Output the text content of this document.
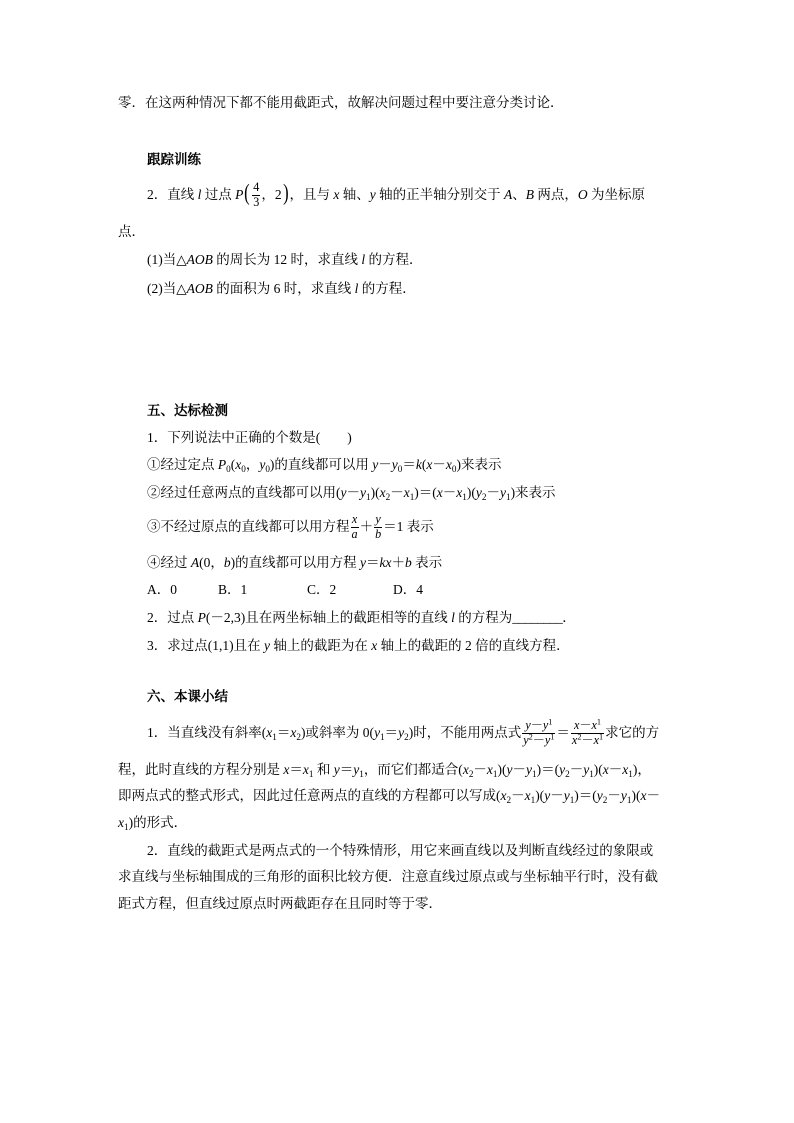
零．在这两种情况下都不能用截距式，故解决问题过程中要注意分类讨论．
跟踪训练
2．直线 l 过点 $P( \frac{4}{3}$ ，2)，且与 x 轴、y 轴的正半轴分别交于 A、B 两点，O 为坐标原
点．
(1)当△AOB 的周长为 12 时，求直线 l 的方程．
(2)当△AOB 的面积为 6 时，求直线 l 的方程．
五、达标检测
1．下列说法中正确的个数是(　　)
①经过定点 $P_0(x_0$，$y_0$)的直线都可以用 $y-y_0=k(x-x_0)$来表示
②经过任意两点的直线都可以用$(y-y_1)(x_2-x_1)=(x-x_1)(y_2-y_1)$来表示
③不经过原点的直线都可以用方程 $\frac{x}{a} + \frac{y}{b} =1$ 表示
④经过 A(0，b)的直线都可以用方程 y＝kx＋b 表示
A．0	B．1	C．2	D．4
2．过点 P(－2,3)且在两坐标轴上的截距相等的直线 l 的方程为________．
3．求过点(1,1)且在 y 轴上的截距为在 x 轴上的截距的 2 倍的直线方程．
六、本课小结
1．当直线没有斜率$(x_1=x_2)$或斜率为 $0(y_1=y_2)$时，不能用两点式 $\frac{y-y^1}{y^2-y^1} = \frac{x-x^1}{x^2-x^1}$ 求它的方
程，此时直线的方程分别是 $x=x_1$ 和 $y=y_1$，而它们都适合$(x_2-x_1)(y-y_1)=(y_2-y_1)(x-x_1)$，
即两点式的整式形式，因此过任意两点的直线的方程都可以写成$(x_2-x_1)(y-y_1)=(y_2-y_1)(x-$
$x_1$)的形式．
2．直线的截距式是两点式的一个特殊情形，用它来画直线以及判断直线经过的象限或
求直线与坐标轴围成的三角形的面积比较方便．注意直线过原点或与坐标轴平行时，没有截
距式方程，但直线过原点时两截距存在且同时等于零．
